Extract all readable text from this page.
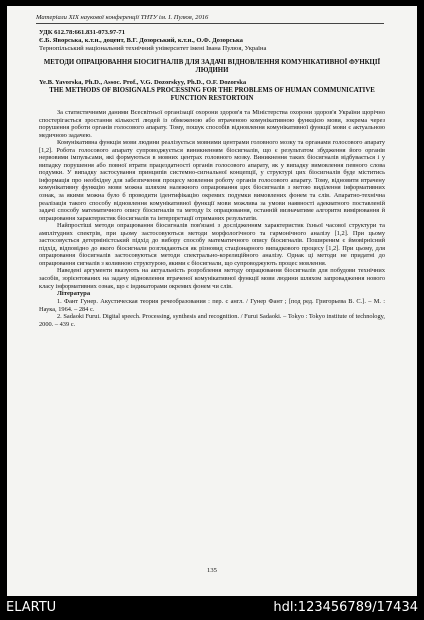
Матеріали ХІХ наукової конференції ТНТУ ім. І. Пулюя, 2016
УДК 612.78:661.831-073.97-71
Є.Б. Яворська, к.т.н., доцент, В.Г. Дозорський, к.т.н., О.Ф. Дозорська
Тернопільський національний технічний університет імені Івана Пулюя, Україна
МЕТОДИ ОПРАЦЮВАННЯ БІОСИГНАЛІВ ДЛЯ ЗАДАЧІ ВІДНОВЛЕННЯ КОМУНІКАТИВНОЇ ФУНКЦІЇ ЛЮДИНИ
Ye.B. Yavorska, Ph.D., Assoc. Prof., V.G. Dozorskyy, Ph.D., O.F. Dozorska
THE METHODS OF BIOSIGNALS PROCESSING FOR THE PROBLEMS OF HUMAN COMMUNICATIVE FUNCTION RESTORTOIN

За статистичними даними Всесвітньої організації охорони здоров'я та Міністерства охорони здоров'я України щорічно спостерігається зростання кількості людей із обмеженою або втраченою комунікативною функцією мови, зокрема через порушення роботи органів голосового апарату. Тому, пошук способів відновлення комунікативної функції мови є актуальною медичною задачею.

Комунікативна функція мови людини реалізується мовними центрами головного мозку та органами голосового апарату [1,2]. Робота голосового апарату супроводжується виникненням біосигналів, що є результатом збудження його органів нервовими імпульсами, які формуються в мовних центрах головного мозку. Виникнення таких біосигналів відбувається і у випадку порушення або повної втрати працездатності органів голосового апарату, як у випадку вимовлення певного слова подумки. У випадку застосування принципів системно-сигнальної концепції, у структурі цих біосигналів буде міститись інформація про необхідну для забезпечення процесу мовлення роботу органів голосового апарату. Тому, відновити втрачену комунікативну функцію мови можна шляхом належного опрацювання цих біосигналів з метою виділення інформативних ознак, за якими можна було б проводити ідентифікацію окремих подумки вимовлених фонем та слів. Апаратно-технічна реалізація такого способу відновлення комунікативної функції мови можлива за умови наявності адекватного поставленій задачі способу математичного опису біосигналів та методу їх опрацювання, останній визначатиме алгоритм вимірювання й опрацювання характеристик біосигналів та інтерпретації отриманих результатів.

Найпростіші методи опрацювання біосигналів пов'язані з дослідженням характеристик їхньої часової структури та амплітудних спектрів, при цьому застосовуються методи морфологічного та гармонічного аналізу [1,2]. При цьому застосовується детерміністський підхід до вибору способу математичного опису біосигналів. Поширеним є ймовірнісний підхід, відповідно до якого біосигнали розглядаються як різновид стаціонарного випадкового процесу [1,2]. При цьому, для опрацювання біосигналів застосовуються методи спектрально-кореляційного аналізу. Однак ці методи не придатні до опрацювання сигналів з коливною структурою, якими є біосигнали, що супроводжують процес мовлення.

Наведені аргументи вказують на актуальність розроблення методу опрацювання біосигналів для побудови технічних засобів, зорієнтованих на задачу відновлення втраченої комунікативної функції мови людини шляхом запровадження нового класу інформативних ознак, що є індикаторами окремих фонем чи слів.

Література

1. Фант Гунер. Акустическая теория речеобразования : пер. с англ. / Гунер Фант ; [под ред. Григорьева В. С.]. – М. : Наука, 1964. – 284 с.

2. Sadaoki Furui. Digital speech. Processing, synthesis and recognition. / Furui Sadaoki. – Tokyo : Tokyo institute of technology, 2000. – 439 с.

135
ELARTU	hdl:123456789/17434
